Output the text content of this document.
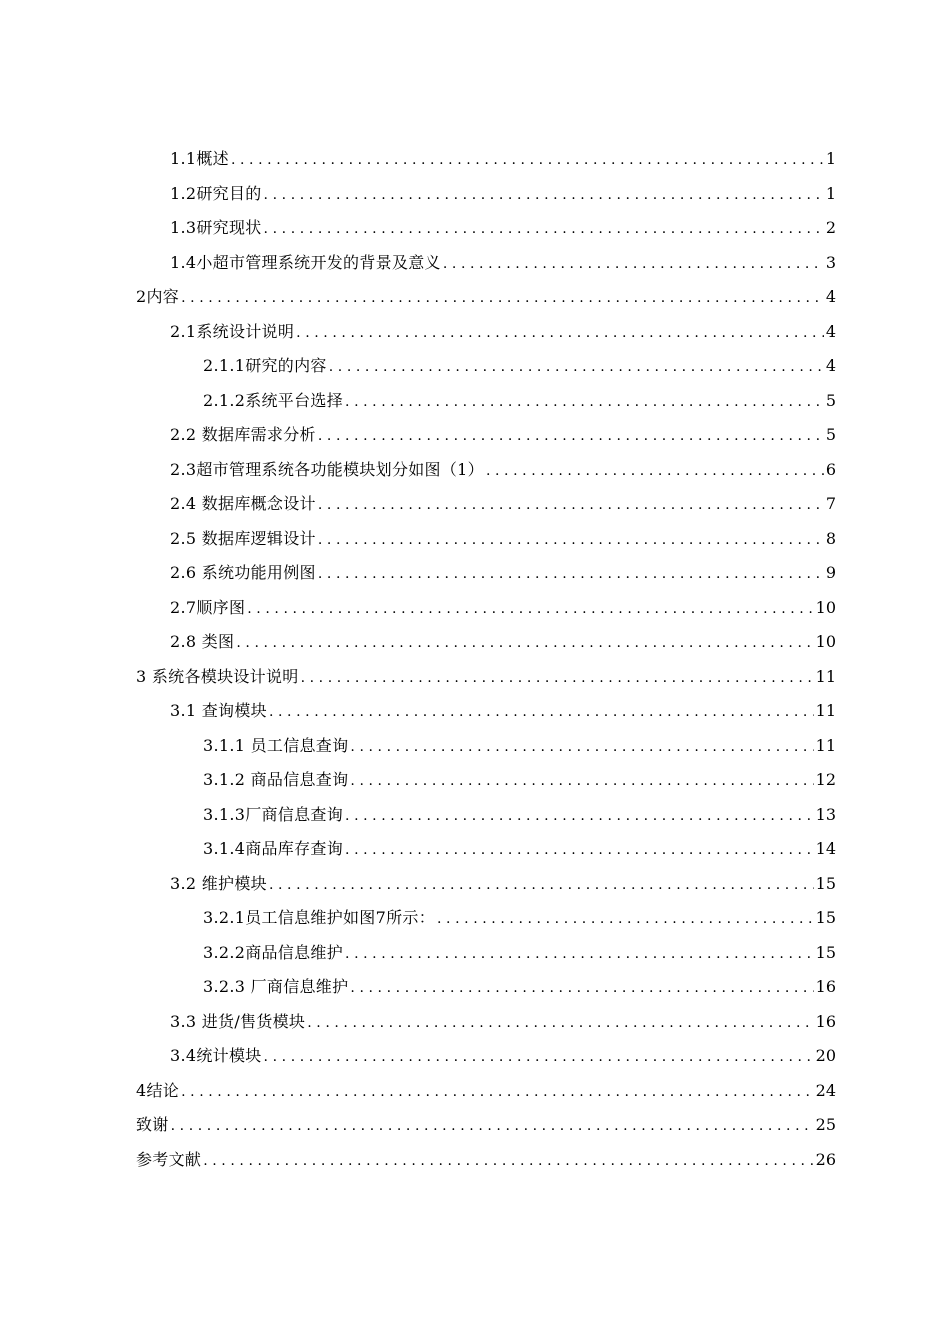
1.1概述 .....	1
1.2研究目的 .....	1
1.3研究现状 .....	2
1.4小超市管理系统开发的背景及意义 .....	3
2内容 .....	4
2.1系统设计说明 .....	4
2.1.1研究的内容 .....	4
2.1.2系统平台选择 .....	5
2.2 数据库需求分析 .....	5
2.3超市管理系统各功能模块划分如图（1） .....	6
2.4 数据库概念设计 .....	7
2.5 数据库逻辑设计 .....	8
2.6 系统功能用例图 .....	9
2.7顺序图 .....	10
2.8 类图 .....	10
3 系统各模块设计说明 .....	11
3.1 查询模块 .....	11
3.1.1 员工信息查询 .....	11
3.1.2 商品信息查询 .....	12
3.1.3厂商信息查询 .....	13
3.1.4商品库存查询 .....	14
3.2 维护模块 .....	15
3.2.1员工信息维护如图7所示： .....	15
3.2.2商品信息维护 .....	15
3.2.3 厂商信息维护 .....	16
3.3 进货/售货模块 .....	16
3.4统计模块 .....	20
4结论 .....	24
致谢 .....	25
参考文献 .....	26
